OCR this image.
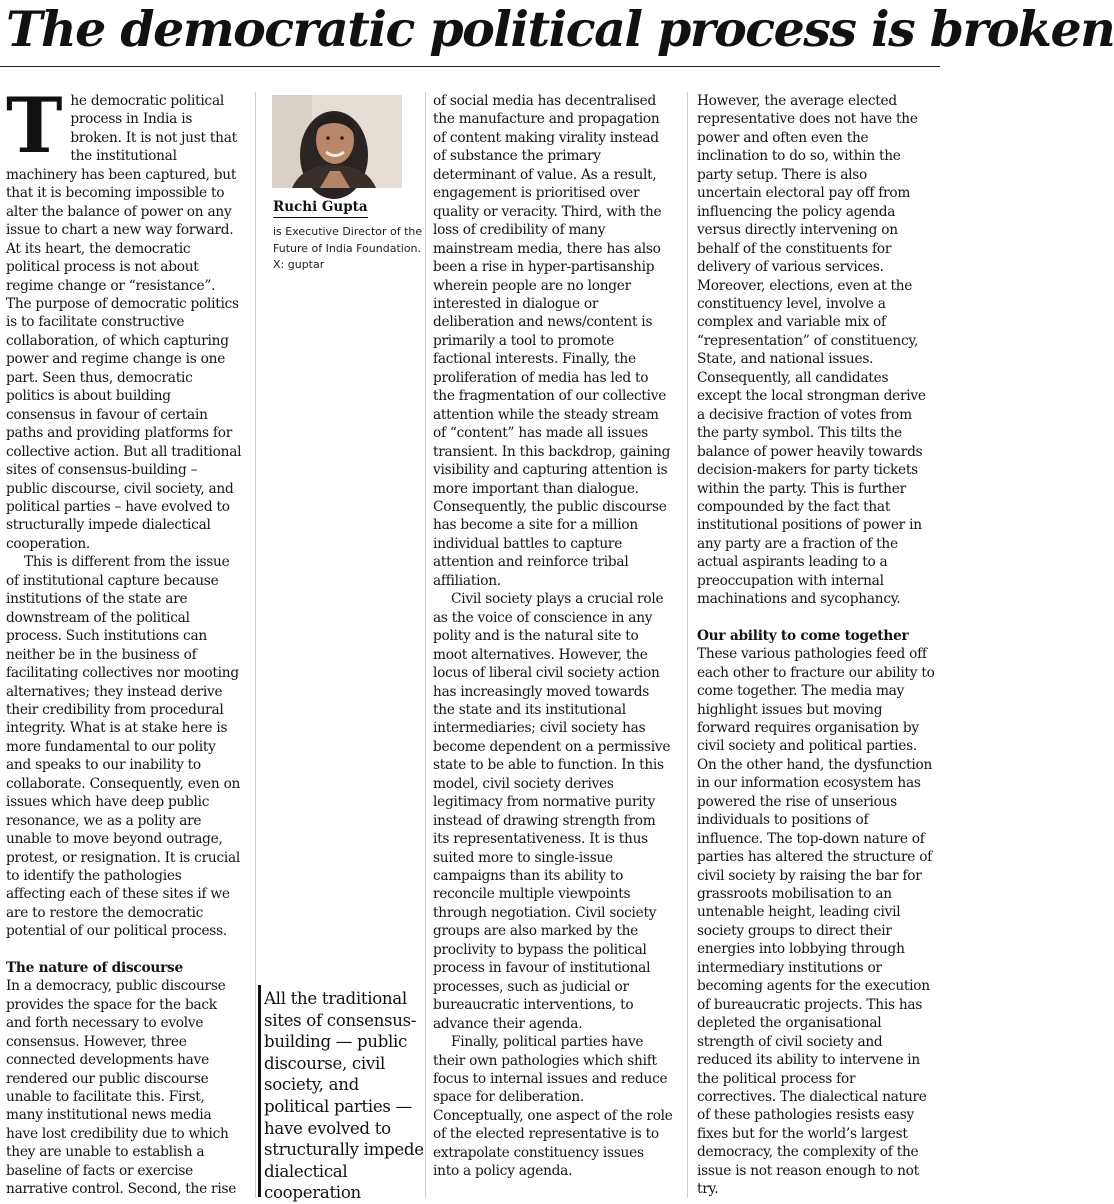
The democratic political process is broken

The democratic political process in India is broken. It is not just that the institutional machinery has been captured, but that it is becoming impossible to alter the balance of power on any issue to chart a new way forward. At its heart, the democratic political process is not about regime change or “resistance”. The purpose of democratic politics is to facilitate constructive collaboration, of which capturing power and regime change is one part. Seen thus, democratic politics is about building consensus in favour of certain paths and providing platforms for collective action. But all traditional sites of consensus-building – public discourse, civil society, and political parties – have evolved to structurally impede dialectical cooperation.

This is different from the issue of institutional capture because institutions of the state are downstream of the political process. Such institutions can neither be in the business of facilitating collectives nor mooting alternatives; they instead derive their credibility from procedural integrity. What is at stake here is more fundamental to our polity and speaks to our inability to collaborate. Consequently, even on issues which have deep public resonance, we as a polity are unable to move beyond outrage, protest, or resignation. It is crucial to identify the pathologies affecting each of these sites if we are to restore the democratic potential of our political process.

The nature of discourse

In a democracy, public discourse provides the space for the back and forth necessary to evolve consensus. However, three connected developments have rendered our public discourse unable to facilitate this. First, many institutional news media have lost credibility due to which they are unable to establish a baseline of facts or exercise narrative control. Second, the rise

Ruchi Gupta
is Executive Director of the Future of India Foundation. X: guptar
All the traditional sites of consensus-building — public discourse, civil society, and political parties — have evolved to structurally impede dialectical cooperation

of social media has decentralised the manufacture and propagation of content making virality instead of substance the primary determinant of value. As a result, engagement is prioritised over quality or veracity. Third, with the loss of credibility of many mainstream media, there has also been a rise in hyper-partisanship wherein people are no longer interested in dialogue or deliberation and news/content is primarily a tool to promote factional interests. Finally, the proliferation of media has led to the fragmentation of our collective attention while the steady stream of “content” has made all issues transient. In this backdrop, gaining visibility and capturing attention is more important than dialogue. Consequently, the public discourse has become a site for a million individual battles to capture attention and reinforce tribal affiliation.

Civil society plays a crucial role as the voice of conscience in any polity and is the natural site to moot alternatives. However, the locus of liberal civil society action has increasingly moved towards the state and its institutional intermediaries; civil society has become dependent on a permissive state to be able to function. In this model, civil society derives legitimacy from normative purity instead of drawing strength from its representativeness. It is thus suited more to single-issue campaigns than its ability to reconcile multiple viewpoints through negotiation. Civil society groups are also marked by the proclivity to bypass the political process in favour of institutional processes, such as judicial or bureaucratic interventions, to advance their agenda.

Finally, political parties have their own pathologies which shift focus to internal issues and reduce space for deliberation. Conceptually, one aspect of the role of the elected representative is to extrapolate constituency issues into a policy agenda.

However, the average elected representative does not have the power and often even the inclination to do so, within the party setup. There is also uncertain electoral pay off from influencing the policy agenda versus directly intervening on behalf of the constituents for delivery of various services. Moreover, elections, even at the constituency level, involve a complex and variable mix of “representation” of constituency, State, and national issues. Consequently, all candidates except the local strongman derive a decisive fraction of votes from the party symbol. This tilts the balance of power heavily towards decision-makers for party tickets within the party. This is further compounded by the fact that institutional positions of power in any party are a fraction of the actual aspirants leading to a preoccupation with internal machinations and sycophancy.

Our ability to come together

These various pathologies feed off each other to fracture our ability to come together. The media may highlight issues but moving forward requires organisation by civil society and political parties. On the other hand, the dysfunction in our information ecosystem has powered the rise of unserious individuals to positions of influence. The top-down nature of parties has altered the structure of civil society by raising the bar for grassroots mobilisation to an untenable height, leading civil society groups to direct their energies into lobbying through intermediary institutions or becoming agents for the execution of bureaucratic projects. This has depleted the organisational strength of civil society and reduced its ability to intervene in the political process for correctives. The dialectical nature of these pathologies resists easy fixes but for the world’s largest democracy, the complexity of the issue is not reason enough to not try.
